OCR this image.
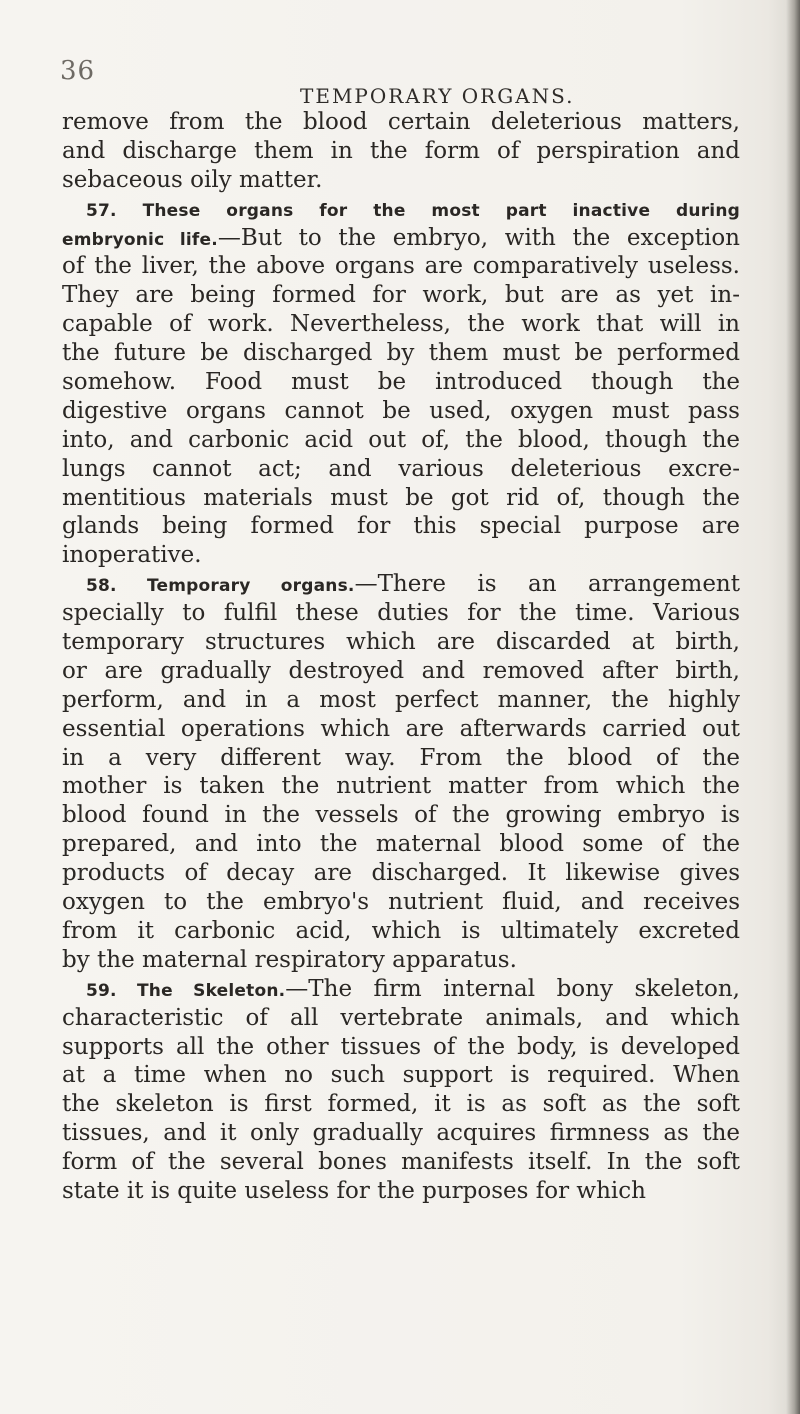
36
TEMPORARY ORGANS.
remove from the blood certain deleterious matters,
and discharge them in the form of perspiration and
sebaceous oily matter.
57. These organs for the most part inactive during
embryonic life.—But to the embryo, with the exception
of the liver, the above organs are comparatively useless.
They are being formed for work, but are as yet in-
capable of work. Nevertheless, the work that will in
the future be discharged by them must be performed
somehow. Food must be introduced though the
digestive organs cannot be used, oxygen must pass
into, and carbonic acid out of, the blood, though the
lungs cannot act; and various deleterious excre-
mentitious materials must be got rid of, though the
glands being formed for this special purpose are
inoperative.
58. Temporary organs.—There is an arrangement
specially to fulfil these duties for the time. Various
temporary structures which are discarded at birth,
or are gradually destroyed and removed after birth,
perform, and in a most perfect manner, the highly
essential operations which are afterwards carried out
in a very different way. From the blood of the
mother is taken the nutrient matter from which the
blood found in the vessels of the growing embryo is
prepared, and into the maternal blood some of the
products of decay are discharged. It likewise gives
oxygen to the embryo's nutrient fluid, and receives
from it carbonic acid, which is ultimately excreted
by the maternal respiratory apparatus.
59. The Skeleton.—The firm internal bony skeleton,
characteristic of all vertebrate animals, and which
supports all the other tissues of the body, is developed
at a time when no such support is required. When
the skeleton is first formed, it is as soft as the soft
tissues, and it only gradually acquires firmness as the
form of the several bones manifests itself. In the soft
state it is quite useless for the purposes for which
